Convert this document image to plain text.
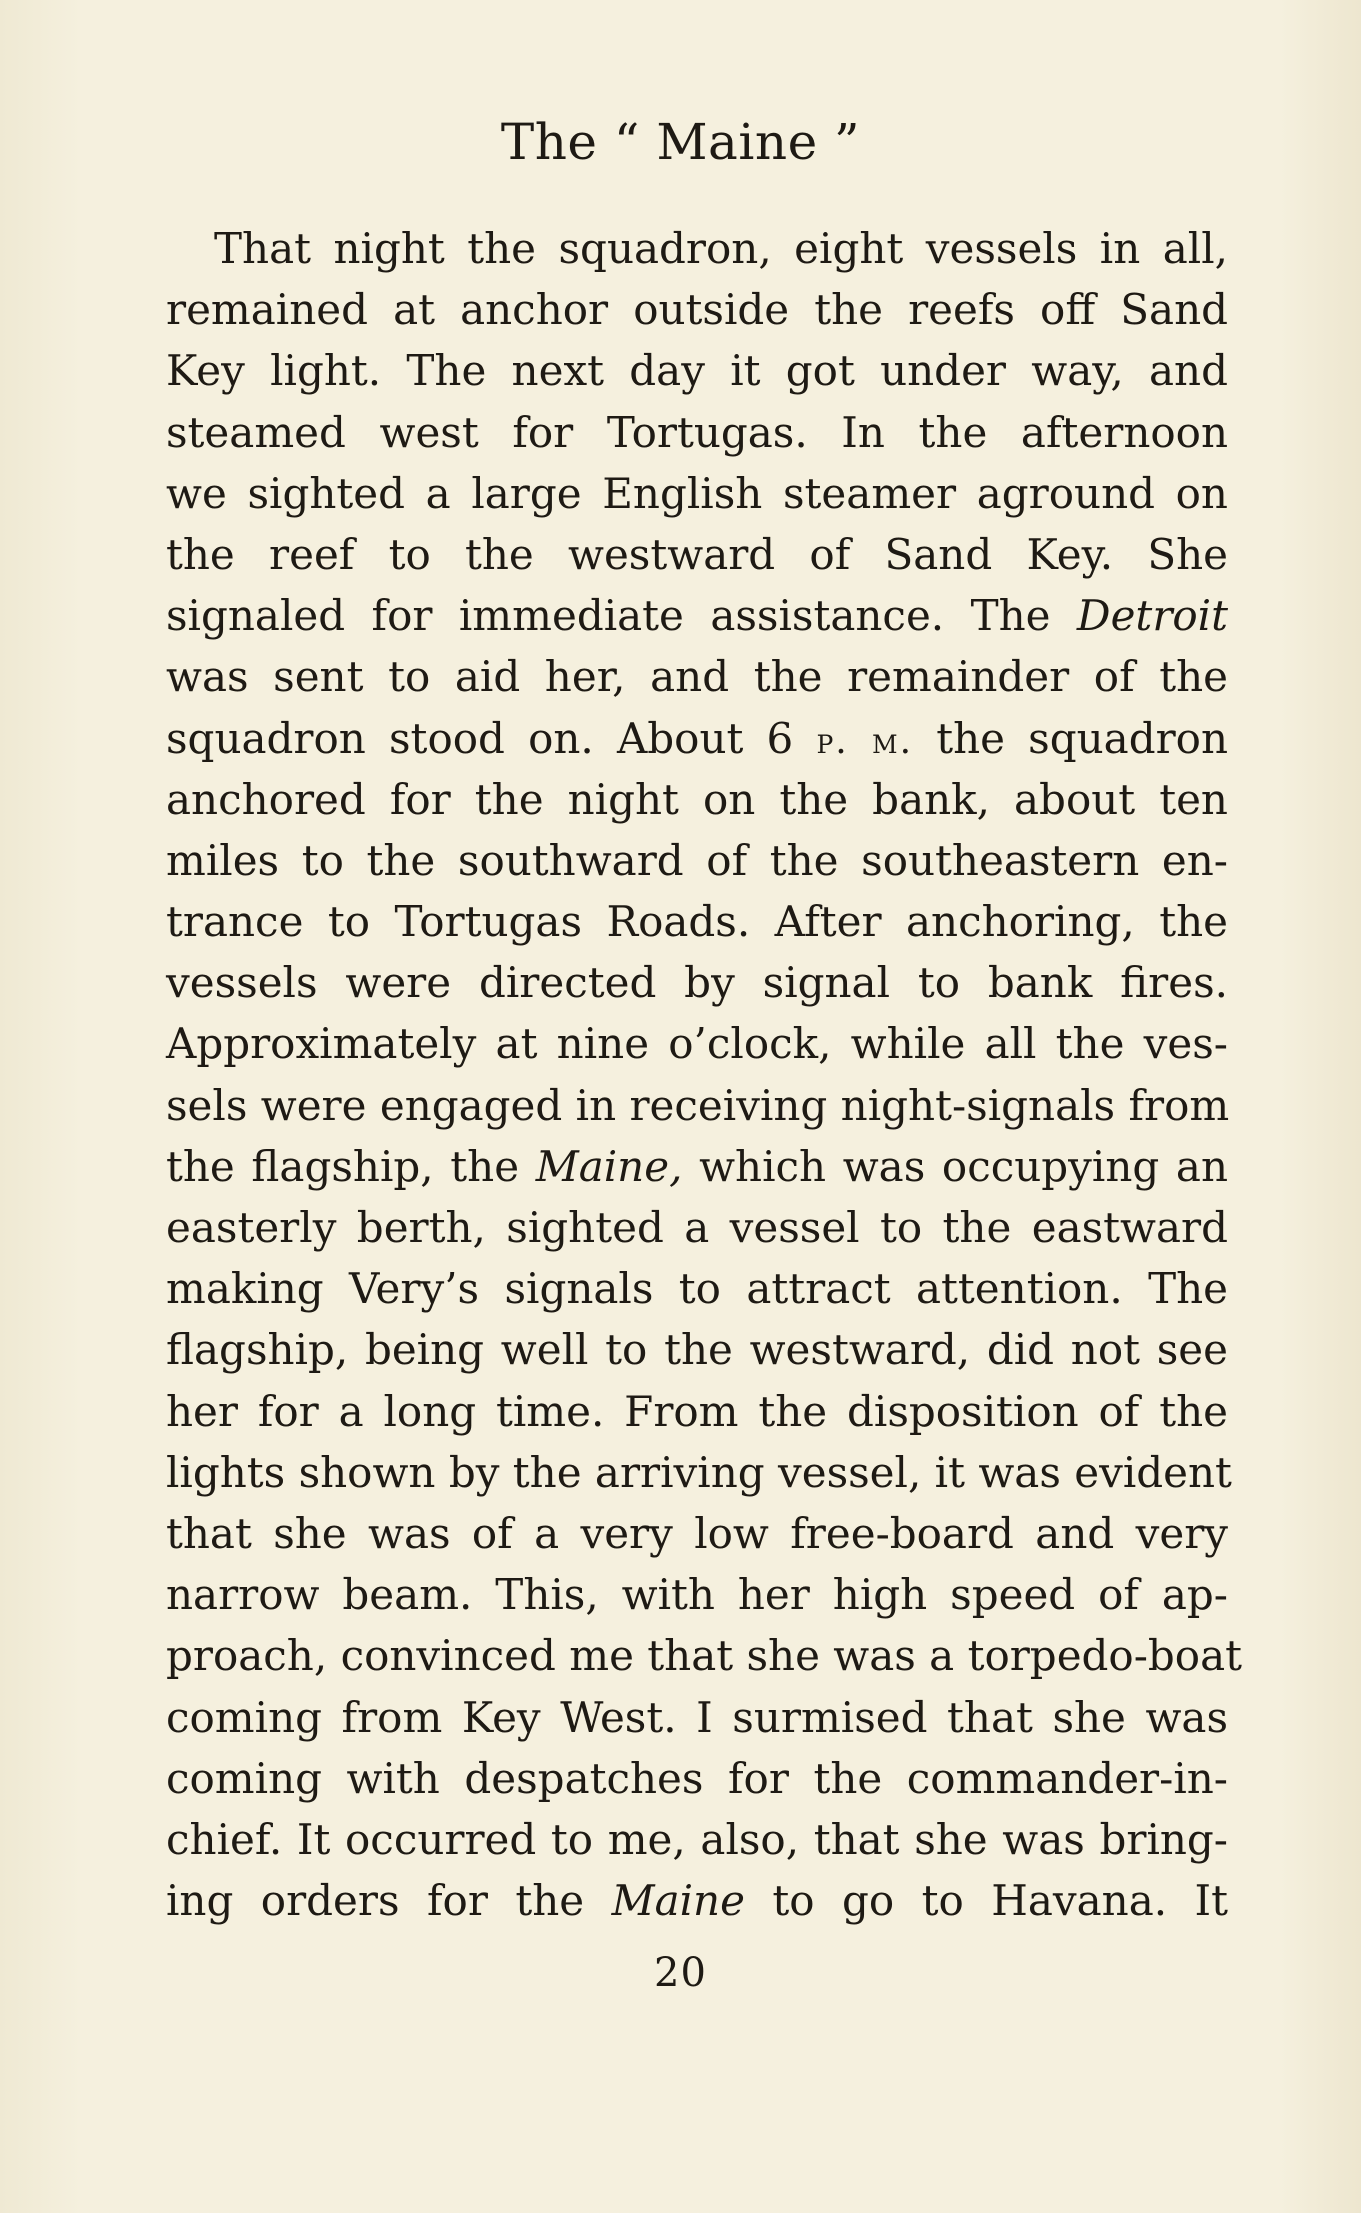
The “ Maine ”
That night the squadron, eight vessels in all,
remained at anchor outside the reefs off Sand
Key light. The next day it got under way, and
steamed west for Tortugas. In the afternoon
we sighted a large English steamer aground on
the reef to the westward of Sand Key. She
signaled for immediate assistance. The Detroit
was sent to aid her, and the remainder of the
squadron stood on. About 6 p. m. the squadron
anchored for the night on the bank, about ten
miles to the southward of the southeastern en-
trance to Tortugas Roads. After anchoring, the
vessels were directed by signal to bank fires.
Approximately at nine o’clock, while all the ves-
sels were engaged in receiving night-signals from
the flagship, the Maine, which was occupying an
easterly berth, sighted a vessel to the eastward
making Very’s signals to attract attention. The
flagship, being well to the westward, did not see
her for a long time. From the disposition of the
lights shown by the arriving vessel, it was evident
that she was of a very low free-board and very
narrow beam. This, with her high speed of ap-
proach, convinced me that she was a torpedo-boat
coming from Key West. I surmised that she was
coming with despatches for the commander-in-
chief. It occurred to me, also, that she was bring-
ing orders for the Maine to go to Havana. It
20
